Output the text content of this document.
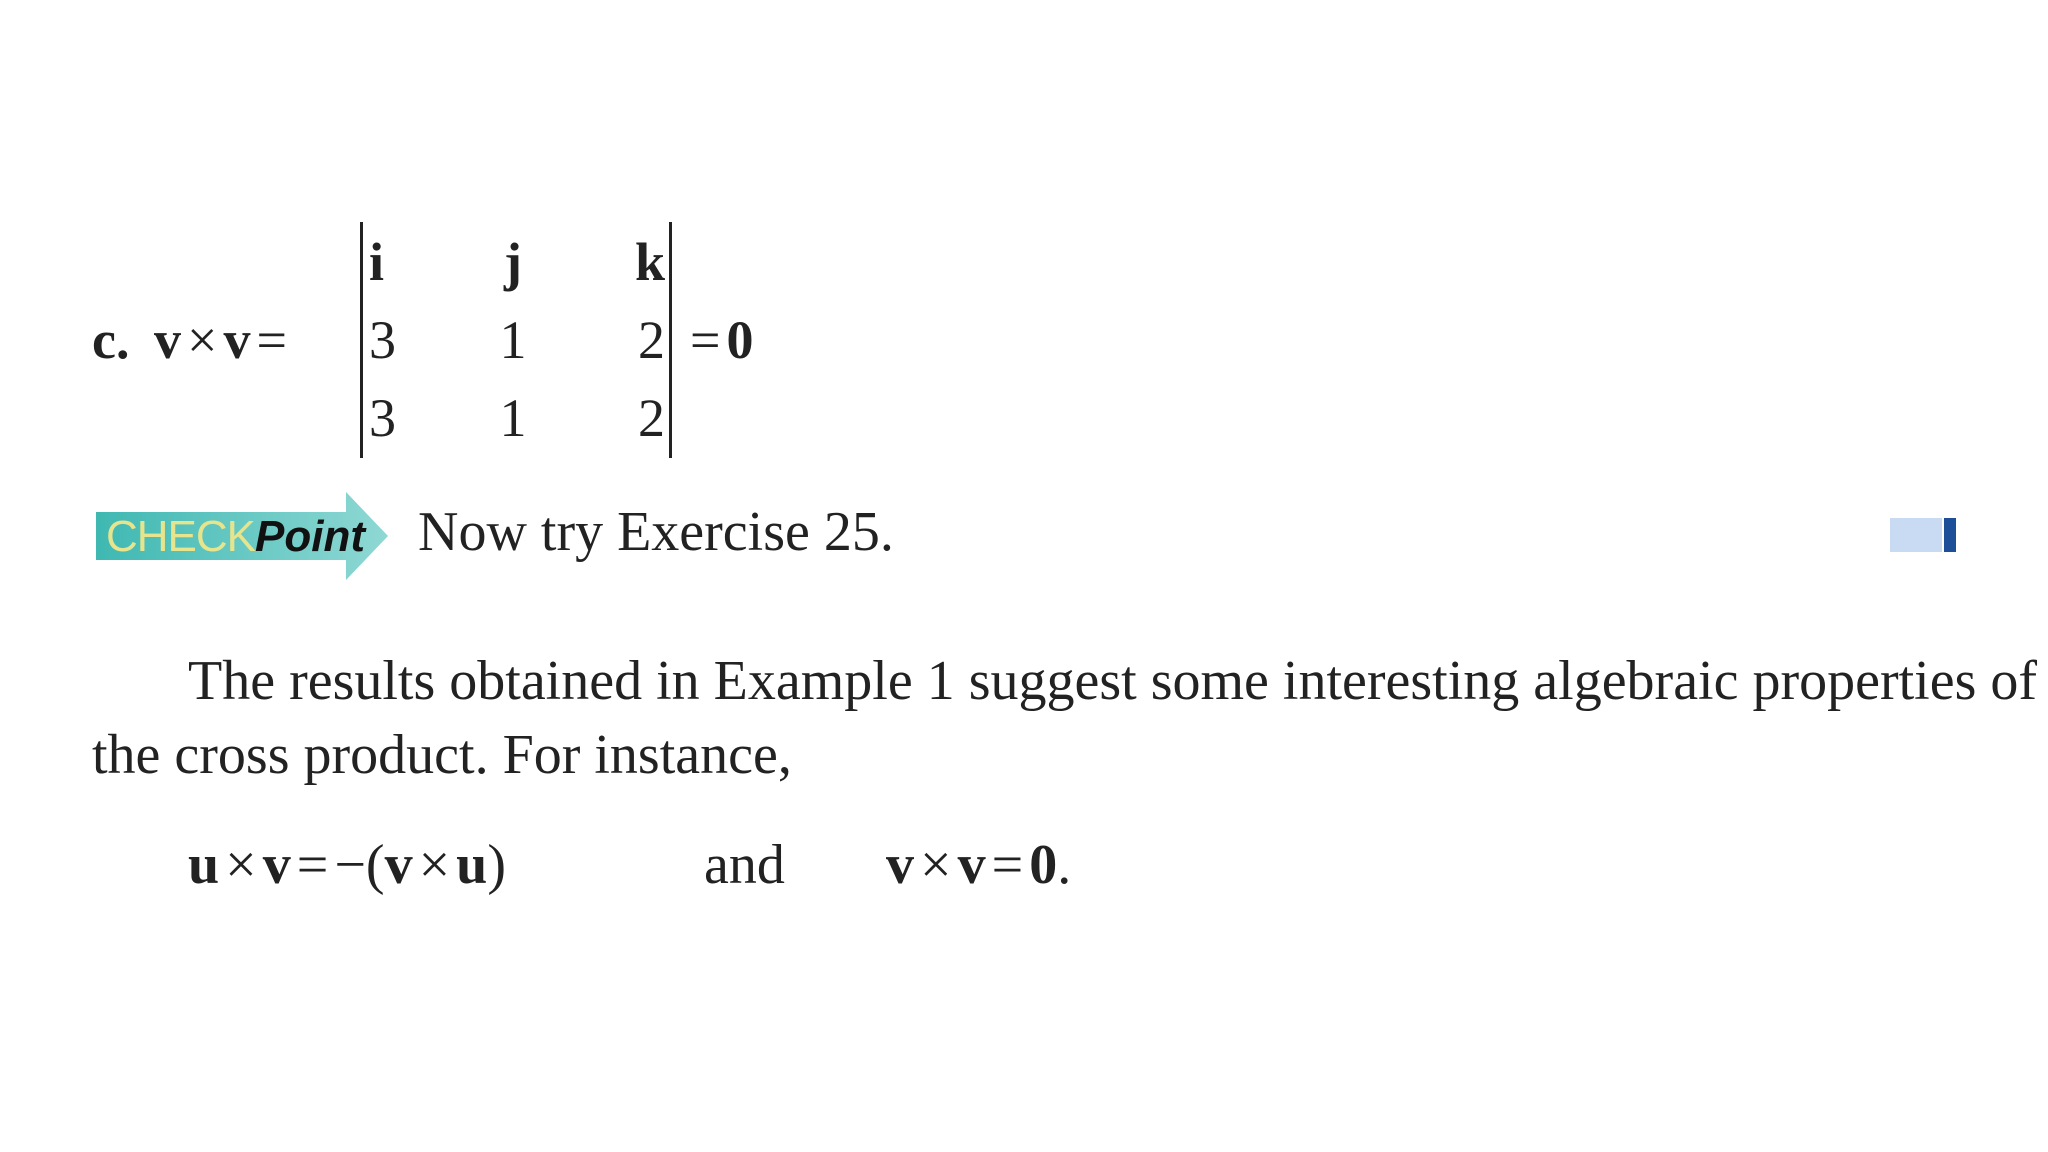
c. v × v =
i	j	k
3	1	2
3	1	2
= 0
CHECKPoint Now try Exercise 25.
The results obtained in Example 1 suggest some interesting algebraic properties of
the cross product. For instance,
u × v = −(v × u)	and v × v = 0.
